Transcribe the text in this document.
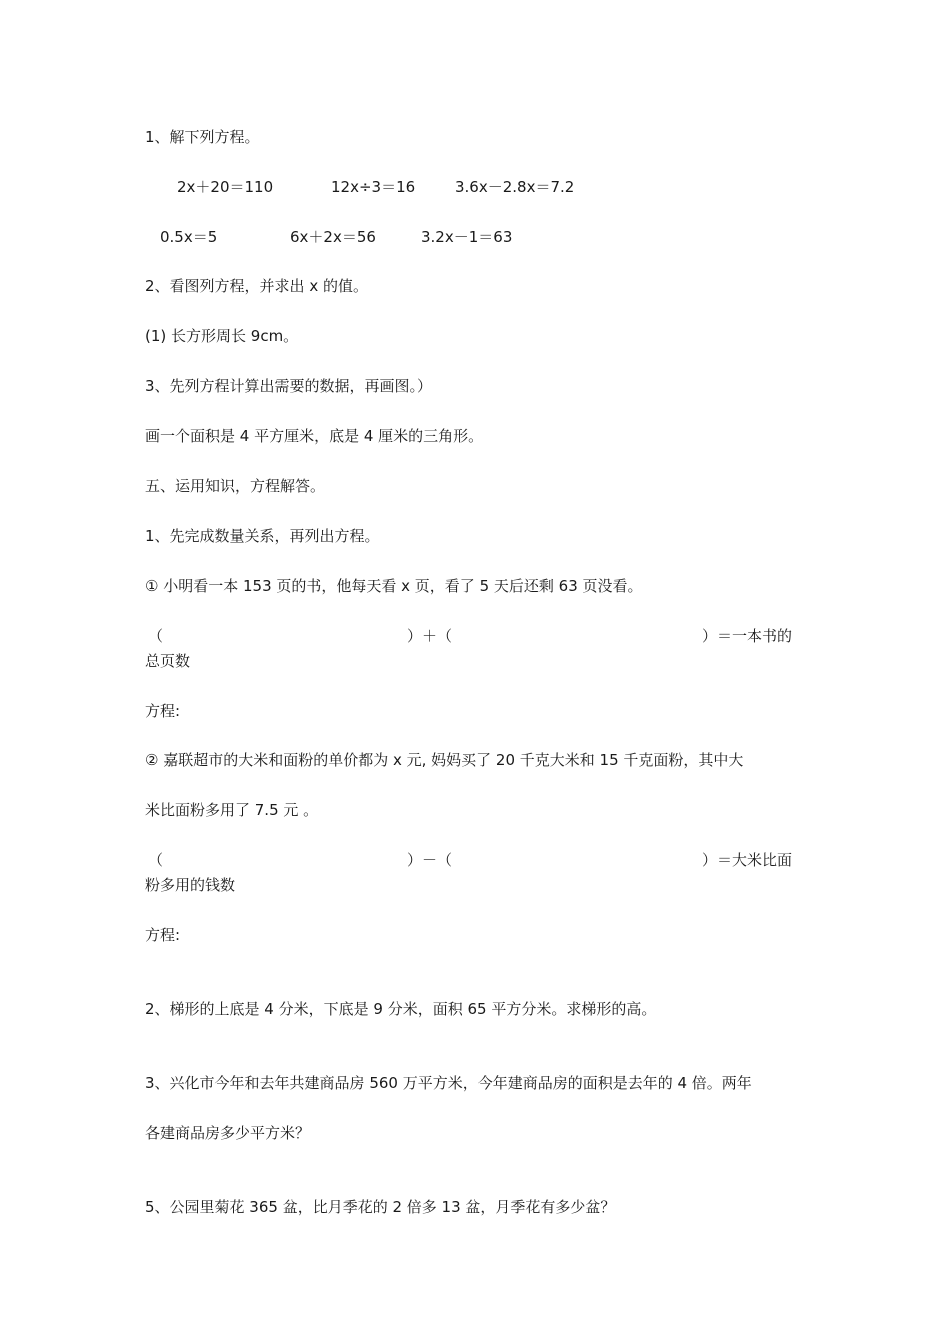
1、解下列方程。
2x＋20＝110	12x÷3＝16	3.6x－2.8x＝7.2
0.5x＝5	6x＋2x＝56	3.2x－1＝63
2、看图列方程，并求出 x 的值。
(1) 长方形周长 9cm。
3、先列方程计算出需要的数据，再画图。）
画一个面积是 4 平方厘米，底是 4 厘米的三角形。
五、运用知识，方程解答。
1、先完成数量关系，再列出方程。
① 小明看一本 153 页的书，他每天看 x 页，看了 5 天后还剩 63 页没看。
（	）＋（	）＝一本书的
总页数
方程:
② 嘉联超市的大米和面粉的单价都为 x 元, 妈妈买了 20 千克大米和 15 千克面粉，其中大
米比面粉多用了 7.5 元 。
（	）－（	）＝大米比面
粉多用的钱数
方程:
2、梯形的上底是 4 分米，下底是 9 分米，面积 65 平方分米。求梯形的高。
3、兴化市今年和去年共建商品房 560 万平方米，今年建商品房的面积是去年的 4 倍。两年
各建商品房多少平方米？
5、公园里菊花 365 盆，比月季花的 2 倍多 13 盆，月季花有多少盆？
